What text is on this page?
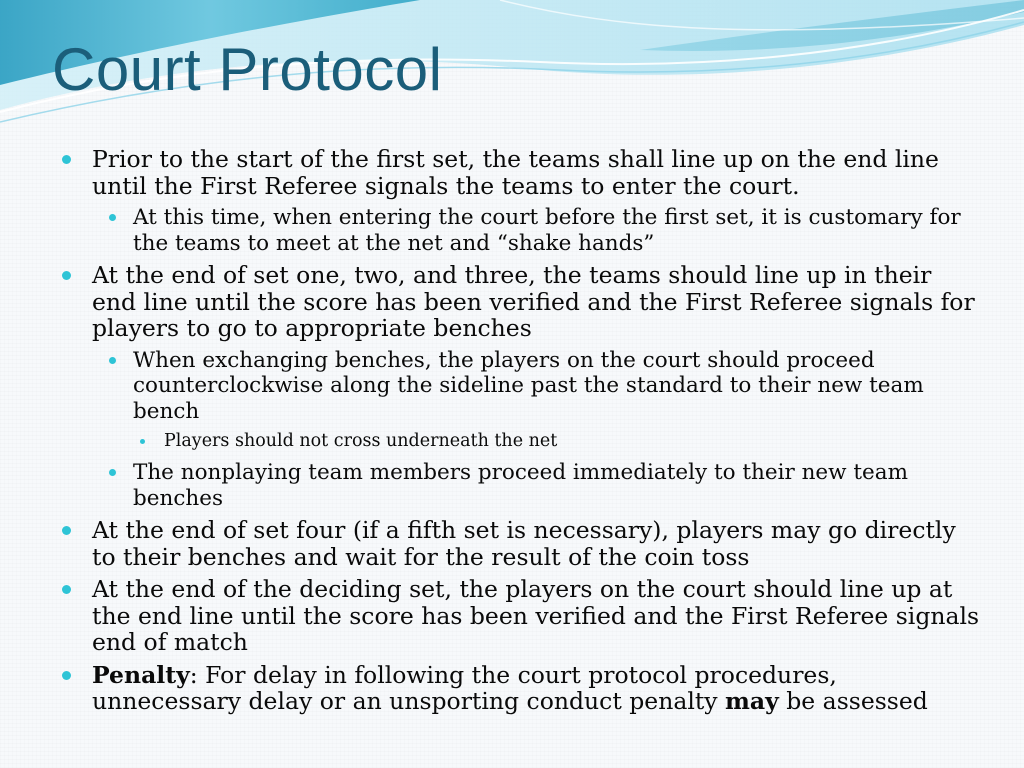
Court Protocol
Prior to the start of the first set, the teams shall line up on the end line until the First Referee signals the teams to enter the court.
At this time, when entering the court before the first set, it is customary for the teams to meet at the net and “shake hands”
At the end of set one, two, and three, the teams should line up in their end line until the score has been verified and the First Referee signals for players to go to appropriate benches
When exchanging benches, the players on the court should proceed counterclockwise along the sideline past the standard to their new team bench
Players should not cross underneath the net
The nonplaying team members proceed immediately to their new team benches
At the end of set four (if a fifth set is necessary), players may go directly to their benches and wait for the result of the coin toss
At the end of the deciding set, the players on the court should line up at the end line until the score has been verified and the First Referee signals end of match
Penalty: For delay in following the court protocol procedures, unnecessary delay or an unsporting conduct penalty may be assessed
